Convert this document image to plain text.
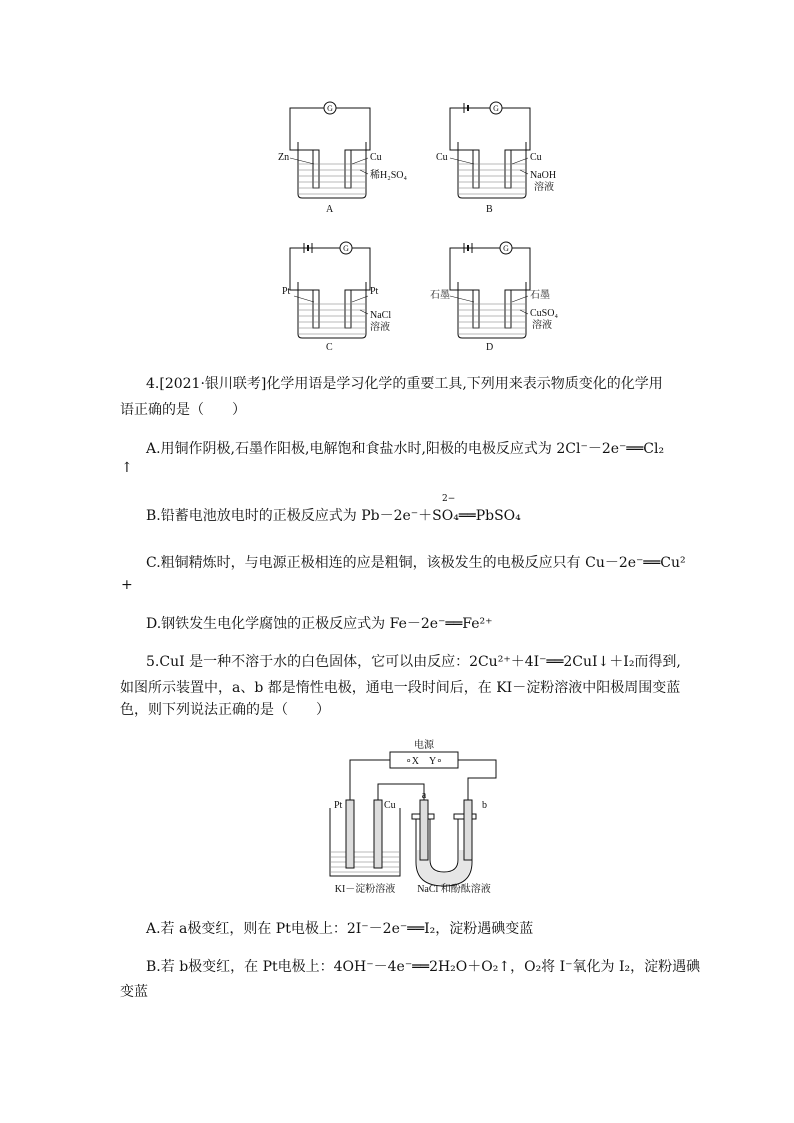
G
Zn	Cu
稀H₂SO₄
A
G
Cu	Cu
NaOH
溶液
B
G
Pt	Pt
NaCl
溶液
C
G
石墨	石墨
CuSO₄
溶液
D
4.[2021·银川联考]化学用语是学习化学的重要工具,下列用来表示物质变化的化学用
语正确的是（　　）
A.用铜作阴极,石墨作阳极,电解饱和食盐水时,阳极的电极反应式为 2Cl⁻－2e⁻══Cl₂
↑
2−
B.铅蓄电池放电时的正极反应式为 Pb－2e⁻＋SO₄══PbSO₄
C.粗铜精炼时，与电源正极相连的应是粗铜，该极发生的电极反应只有 Cu－2e⁻══Cu²
+
D.钢铁发生电化学腐蚀的正极反应式为 Fe－2e⁻══Fe²⁺
5.CuI 是一种不溶于水的白色固体，它可以由反应：2Cu²⁺＋4I⁻══2CuI↓＋I₂而得到,
如图所示装置中，a、b 都是惰性电极，通电一段时间后，在 KI－淀粉溶液中阳极周围变蓝
色，则下列说法正确的是（　　）
电源
∘X　Y∘
Pt	Cu
a
b
KI－淀粉溶液 NaCl 和酚酞溶液
A.若 a极变红，则在 Pt电极上：2I⁻－2e⁻══I₂，淀粉遇碘变蓝
B.若 b极变红，在 Pt电极上：4OH⁻－4e⁻══2H₂O＋O₂↑，O₂将 I⁻氧化为 I₂，淀粉遇碘
变蓝
